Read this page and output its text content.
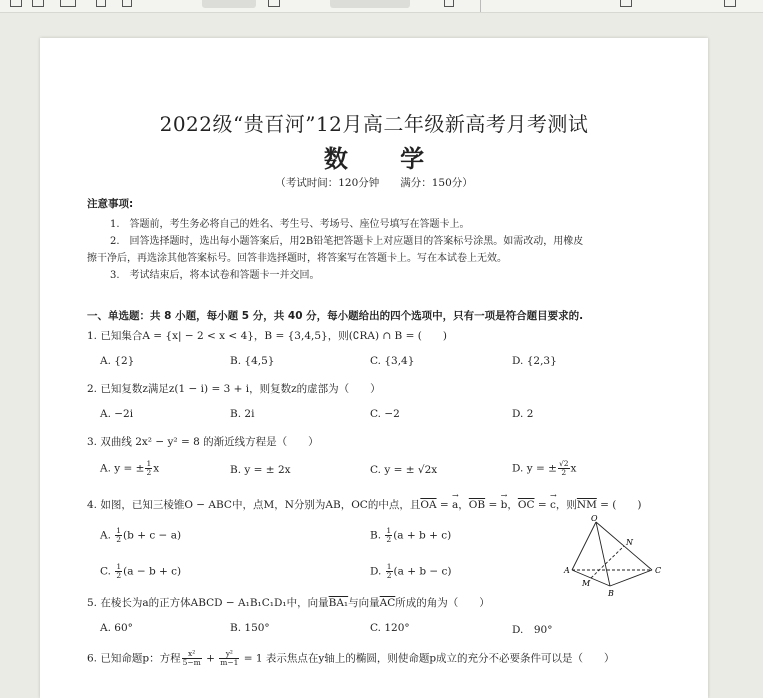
2022级“贵百河”12月高二年级新高考月考测试
数 学
（考试时间：120分钟　　满分：150分）
注意事项:
1.　答题前，考生务必将自己的姓名、考生号、考场号、座位号填写在答题卡上。
2.　回答选择题时，选出每小题答案后，用2B铅笔把答题卡上对应题目的答案标号涂黑。如需改动，用橡皮
擦干净后，再选涂其他答案标号。回答非选择题时，将答案写在答题卡上。写在本试卷上无效。
3.　考试结束后，将本试卷和答题卡一并交回。
一、单选题：共 8 小题，每小题 5 分，共 40 分，每小题给出的四个选项中，只有一项是符合题目要求的.
1. 已知集合A = {x| − 2 < x < 4}，B = {3,4,5}，则(∁RA) ∩ B = (　　)
A. {2}	B. {4,5}	C. {3,4}	D. {2,3}
2. 已知复数z满足z(1 − i) = 3 + i，则复数z的虚部为（　　）
A. −2i	B. 2i	C. −2	D. 2
3. 双曲线 2x² − y² = 8 的渐近线方程是（　　）
A. y = ± $\frac{1}{2}$ x	B. y = ± 2x	C. y = ± √2x	D. y = ± $\frac{√2}{2}$ x
4. 如图，已知三棱锥O − ABC中，点M，N分别为AB，OC的中点，且$\overline{OA}$ = → a，$\overline{OB}$ = → b，$\overline{OC}$ = → c，则$\overline{NM}$ = (　　)
A. $\frac{1}{2} (b + c - a)$	B. $\frac{1}{2} (a + b + c)$
C. $\frac{1}{2} (a - b + c)$	D. $\frac{1}{2} (a + b - c)$
O
N
A
M
C
B
5. 在棱长为a的正方体ABCD − A₁B₁C₁D₁中，向量BA₁与向量$\overline{AC}$所成的角为（　　）
A. 60°	B. 150°	C. 120°	D.　90°
6. 已知命题p：方程 $\frac{\text{x²}}{5-m} + \frac{\text{y²}}{m-1} = 1$ 表示焦点在y轴上的椭圆，则使命题p成立的充分不必要条件可以是（　　）
